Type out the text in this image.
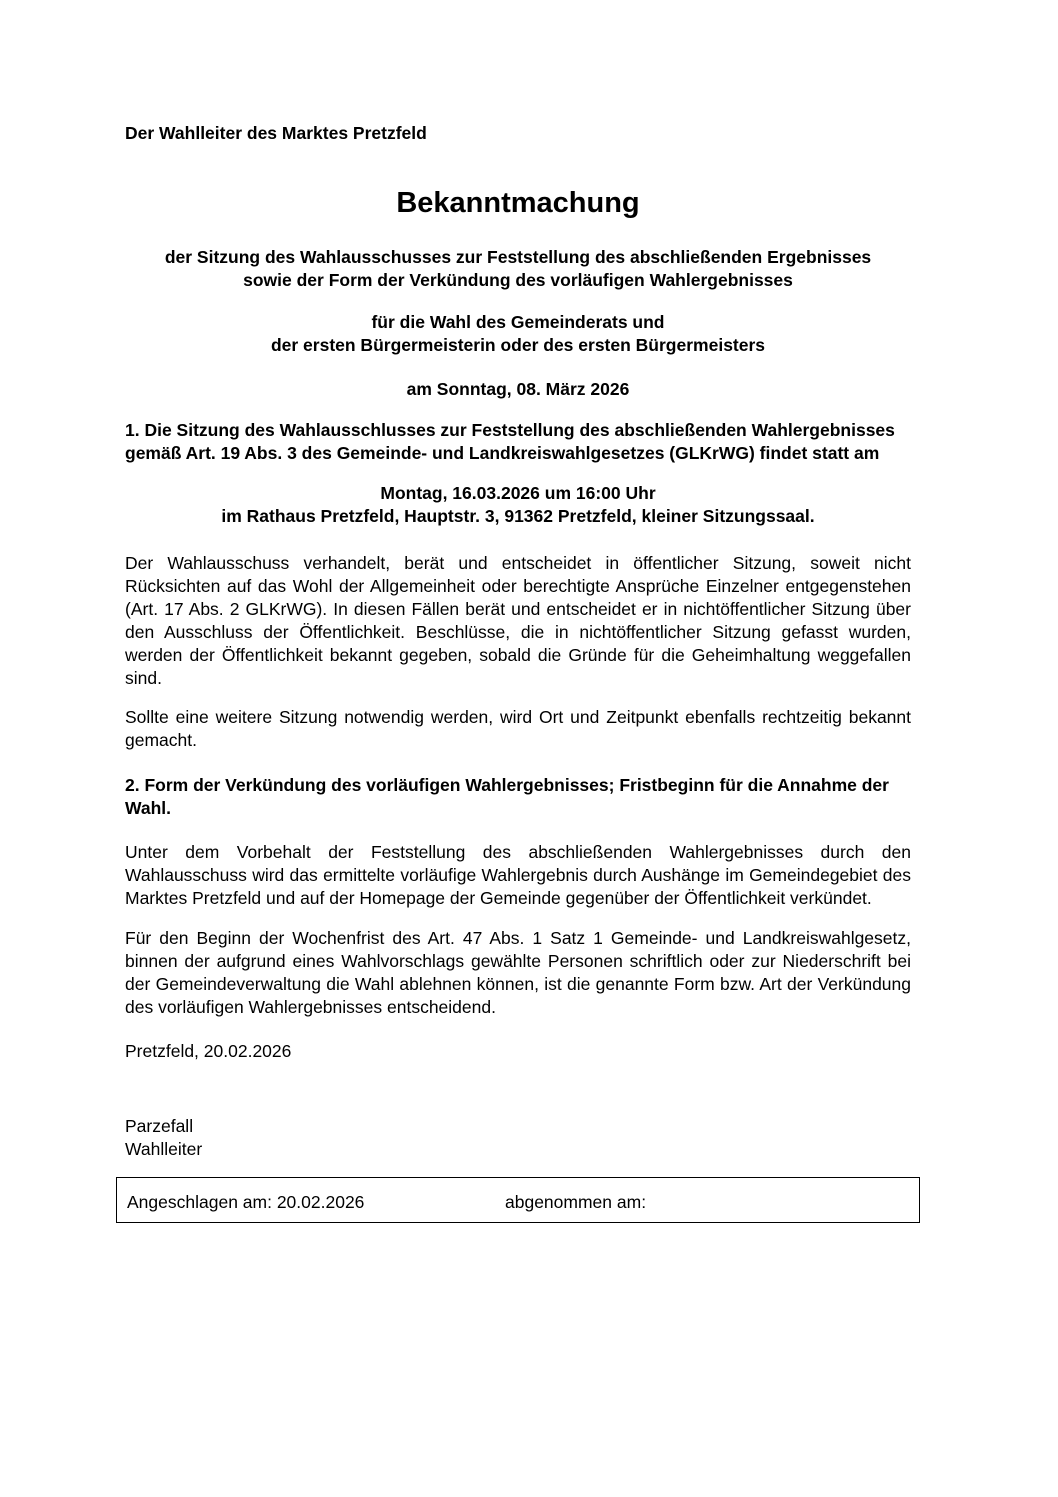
Der Wahlleiter des Marktes Pretzfeld

Bekanntmachung

der Sitzung des Wahlausschusses zur Feststellung des abschließenden Ergebnisses

sowie der Form der Verkündung des vorläufigen Wahlergebnisses

für die Wahl des Gemeinderats und

der ersten Bürgermeisterin oder des ersten Bürgermeisters

am Sonntag, 08. März 2026

1. Die Sitzung des Wahlausschlusses zur Feststellung des abschließenden Wahlergebnisses gemäß Art. 19 Abs. 3 des Gemeinde- und Landkreiswahlgesetzes (GLKrWG) findet statt am

Montag, 16.03.2026 um 16:00 Uhr

im Rathaus Pretzfeld, Hauptstr. 3, 91362 Pretzfeld, kleiner Sitzungssaal.

Der Wahlausschuss verhandelt, berät und entscheidet in öffentlicher Sitzung, soweit nicht Rücksichten auf das Wohl der Allgemeinheit oder berechtigte Ansprüche Einzelner entgegenstehen (Art. 17 Abs. 2 GLKrWG). In diesen Fällen berät und entscheidet er in nichtöffentlicher Sitzung über den Ausschluss der Öffentlichkeit. Beschlüsse, die in nichtöffentlicher Sitzung gefasst wurden, werden der Öffentlichkeit bekannt gegeben, sobald die Gründe für die Geheimhaltung weggefallen sind.

Sollte eine weitere Sitzung notwendig werden, wird Ort und Zeitpunkt ebenfalls rechtzeitig bekannt gemacht.

2. Form der Verkündung des vorläufigen Wahlergebnisses; Fristbeginn für die Annahme der Wahl.

Unter dem Vorbehalt der Feststellung des abschließenden Wahlergebnisses durch den Wahlausschuss wird das ermittelte vorläufige Wahlergebnis durch Aushänge im Gemeindegebiet des Marktes Pretzfeld und auf der Homepage der Gemeinde gegenüber der Öffentlichkeit verkündet.

Für den Beginn der Wochenfrist des Art. 47 Abs. 1 Satz 1 Gemeinde- und Landkreiswahlgesetz, binnen der aufgrund eines Wahlvorschlags gewählte Personen schriftlich oder zur Niederschrift bei der Gemeindeverwaltung die Wahl ablehnen können, ist die genannte Form bzw. Art der Verkündung des vorläufigen Wahlergebnisses entscheidend.

Pretzfeld, 20.02.2026

Parzefall

Wahlleiter

Angeschlagen am: 20.02.2026	abgenommen am:
